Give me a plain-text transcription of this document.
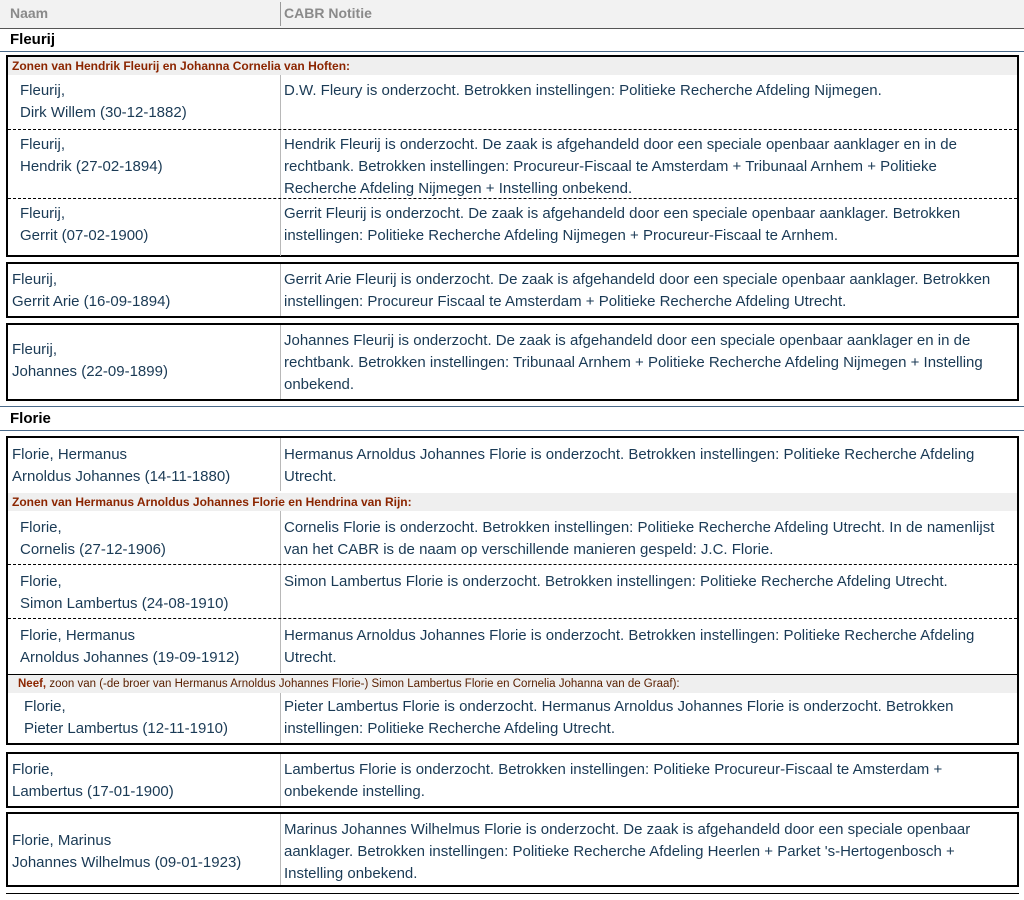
Naam	CABR Notitie
Fleurij
Zonen van Hendrik Fleurij en Johanna Cornelia van Hoften:
Fleurij,
Dirk Willem (30-12-1882)
D.W. Fleury is onderzocht. Betrokken instellingen: Politieke Recherche Afdeling Nijmegen.
Fleurij,
Hendrik (27-02-1894)
Hendrik Fleurij is onderzocht. De zaak is afgehandeld door een speciale openbaar aanklager en in de rechtbank. Betrokken instellingen: Procureur-Fiscaal te Amsterdam + Tribunaal Arnhem + Politieke Recherche Afdeling Nijmegen + Instelling onbekend.
Fleurij,
Gerrit (07-02-1900)
Gerrit Fleurij is onderzocht. De zaak is afgehandeld door een speciale openbaar aanklager. Betrokken instellingen: Politieke Recherche Afdeling Nijmegen + Procureur-Fiscaal te Arnhem.
Fleurij,
Gerrit Arie (16-09-1894)
Gerrit Arie Fleurij is onderzocht. De zaak is afgehandeld door een speciale openbaar aanklager. Betrokken instellingen: Procureur Fiscaal te Amsterdam + Politieke Recherche Afdeling Utrecht.
Fleurij,
Johannes (22-09-1899)
Johannes Fleurij is onderzocht. De zaak is afgehandeld door een speciale openbaar aanklager en in de rechtbank. Betrokken instellingen: Tribunaal Arnhem + Politieke Recherche Afdeling Nijmegen + Instelling onbekend.
Florie
Florie, Hermanus
Arnoldus Johannes (14-11-1880)
Hermanus Arnoldus Johannes Florie is onderzocht. Betrokken instellingen: Politieke Recherche Afdeling Utrecht.
Zonen van Hermanus Arnoldus Johannes Florie en Hendrina van Rijn:
Florie,
Cornelis (27-12-1906)
Cornelis Florie is onderzocht. Betrokken instellingen: Politieke Recherche Afdeling Utrecht. In de namenlijst van het CABR is de naam op verschillende manieren gespeld: J.C. Florie.
Florie,
Simon Lambertus (24-08-1910)
Simon Lambertus Florie is onderzocht. Betrokken instellingen: Politieke Recherche Afdeling Utrecht.
Florie, Hermanus
Arnoldus Johannes (19-09-1912)
Hermanus Arnoldus Johannes Florie is onderzocht. Betrokken instellingen: Politieke Recherche Afdeling Utrecht.
Neef, zoon van (-de broer van Hermanus Arnoldus Johannes Florie-) Simon Lambertus Florie en Cornelia Johanna van de Graaf):
Florie,
Pieter Lambertus (12-11-1910)
Pieter Lambertus Florie is onderzocht. Hermanus Arnoldus Johannes Florie is onderzocht. Betrokken instellingen: Politieke Recherche Afdeling Utrecht.
Florie,
Lambertus (17-01-1900)
Lambertus Florie is onderzocht. Betrokken instellingen: Politieke Procureur-Fiscaal te Amsterdam + onbekende instelling.
Florie, Marinus
Johannes Wilhelmus (09-01-1923)
Marinus Johannes Wilhelmus Florie is onderzocht. De zaak is afgehandeld door een speciale openbaar aanklager. Betrokken instellingen: Politieke Recherche Afdeling Heerlen + Parket 's-Hertogenbosch + Instelling onbekend.
